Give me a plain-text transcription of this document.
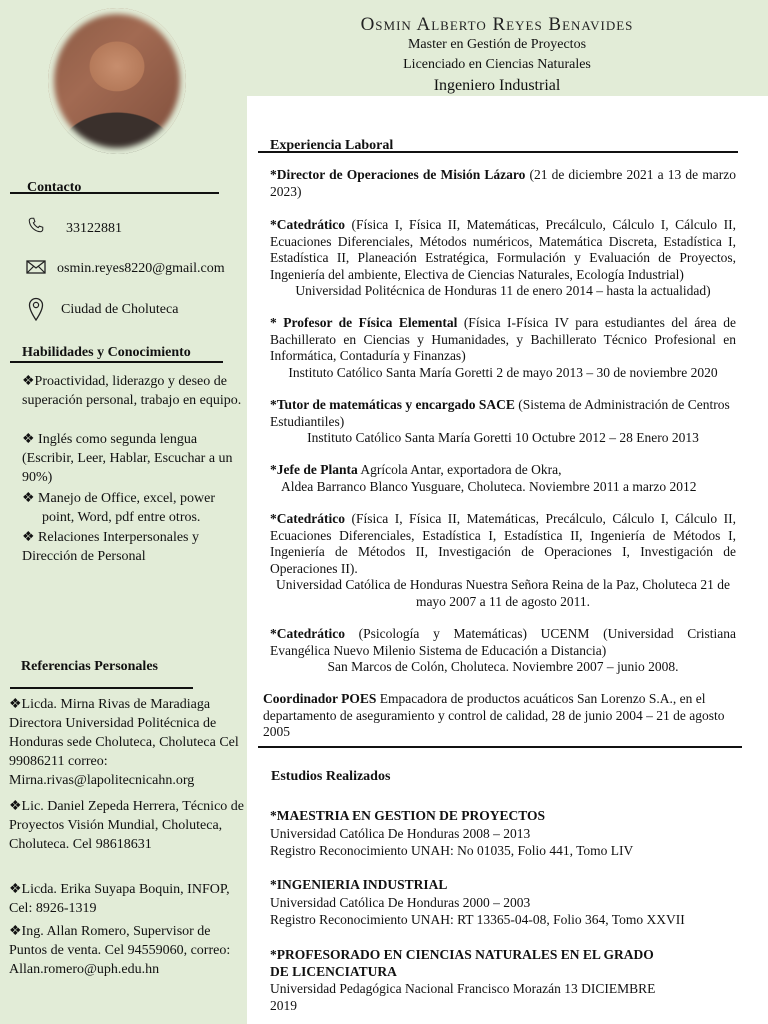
Osmin Alberto Reyes Benavides
Master en Gestión de Proyectos
Licenciado en Ciencias Naturales
Ingeniero Industrial
Contacto
33122881
osmin.reyes8220@gmail.com
Ciudad de Choluteca
Habilidades y Conocimiento
❖Proactividad, liderazgo y deseo de superación personal, trabajo en equipo.
❖ Inglés como segunda lengua (Escribir, Leer, Hablar, Escuchar a un 90%)
❖ Manejo de Office, excel, power point, Word, pdf entre otros.
❖ Relaciones Interpersonales y Dirección de Personal
Referencias Personales
❖Licda. Mirna Rivas de Maradiaga Directora Universidad Politécnica de Honduras sede Choluteca, Choluteca Cel 99086211 correo: Mirna.rivas@lapolitecnicahn.org
❖Lic. Daniel Zepeda Herrera, Técnico de Proyectos Visión Mundial, Choluteca, Choluteca. Cel 98618631
❖Licda. Erika Suyapa Boquin, INFOP, Cel: 8926-1319
❖Ing. Allan Romero, Supervisor de Puntos de venta. Cel 94559060, correo: Allan.romero@uph.edu.hn
Experiencia Laboral
*Director de Operaciones de Misión Lázaro (21 de diciembre 2021 a 13 de marzo 2023)
*Catedrático (Física I, Física II, Matemáticas, Precálculo, Cálculo I, Cálculo II, Ecuaciones Diferenciales, Métodos numéricos, Matemática Discreta, Estadística I, Estadística II, Planeación Estratégica, Formulación y Evaluación de Proyectos, Ingeniería del ambiente, Electiva de Ciencias Naturales, Ecología Industrial)
Universidad Politécnica de Honduras 11 de enero 2014 – hasta la actualidad)
* Profesor de Física Elemental (Física I-Física IV para estudiantes del área de Bachillerato en Ciencias y Humanidades, y Bachillerato Técnico Profesional en Informática, Contaduría y Finanzas)
Instituto Católico Santa María Goretti 2 de mayo 2013 – 30 de noviembre 2020
*Tutor de matemáticas y encargado SACE (Sistema de Administración de Centros Estudiantiles)
Instituto Católico Santa María Goretti 10 Octubre 2012 – 28 Enero 2013
*Jefe de Planta Agrícola Antar, exportadora de Okra,
Aldea Barranco Blanco Yusguare, Choluteca. Noviembre 2011 a marzo 2012
*Catedrático (Física I, Física II, Matemáticas, Precálculo, Cálculo I, Cálculo II, Ecuaciones Diferenciales, Estadística I, Estadística II, Ingeniería de Métodos I, Ingeniería de Métodos II, Investigación de Operaciones I, Investigación de Operaciones II).
Universidad Católica de Honduras Nuestra Señora Reina de la Paz, Choluteca 21 de mayo 2007 a 11 de agosto 2011.
*Catedrático (Psicología y Matemáticas) UCENM (Universidad Cristiana Evangélica Nuevo Milenio Sistema de Educación a Distancia)
San Marcos de Colón, Choluteca. Noviembre 2007 – junio 2008.
Coordinador POES Empacadora de productos acuáticos San Lorenzo S.A., en el departamento de aseguramiento y control de calidad, 28 de junio 2004 – 21 de agosto 2005
Estudios Realizados
*MAESTRIA EN GESTION DE PROYECTOS
Universidad Católica De Honduras 2008 – 2013
Registro Reconocimiento UNAH: No 01035, Folio 441, Tomo LIV
*INGENIERIA INDUSTRIAL
Universidad Católica De Honduras 2000 – 2003
Registro Reconocimiento UNAH: RT 13365-04-08, Folio 364, Tomo XXVII
*PROFESORADO EN CIENCIAS NATURALES EN EL GRADO DE LICENCIATURA
Universidad Pedagógica Nacional Francisco Morazán 13 DICIEMBRE 2019
